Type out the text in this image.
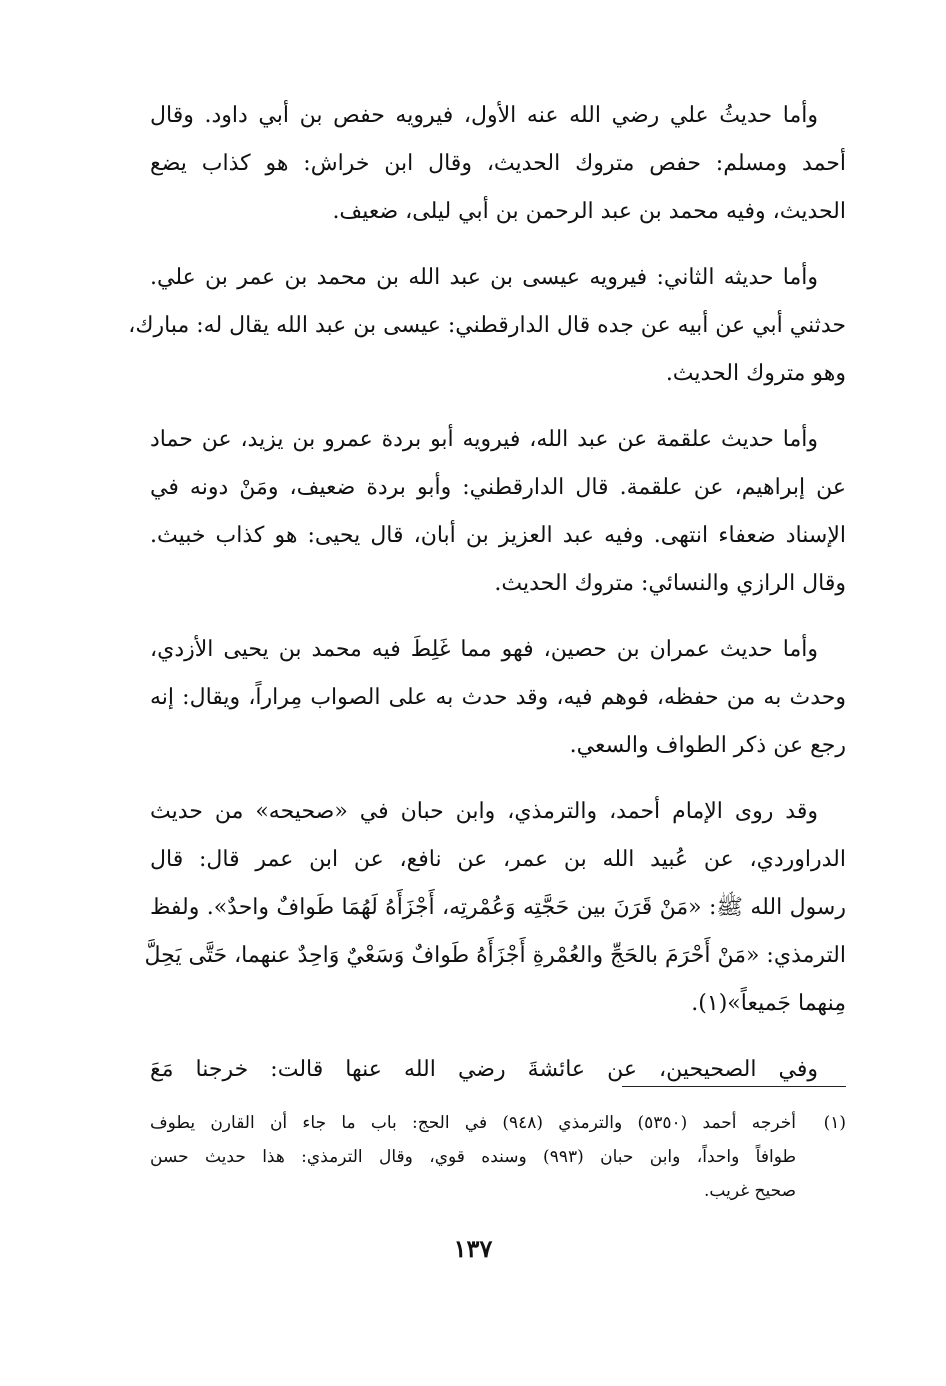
وأما حديثُ علي رضي الله عنه الأول، فيرويه حفص بن أبي داود. وقال
أحمد ومسلم: حفص متروك الحديث، وقال ابن خراش: هو كذاب يضع
الحديث، وفيه محمد بن عبد الرحمن بن أبي ليلى، ضعيف.

وأما حديثه الثاني: فيرويه عيسى بن عبد الله بن محمد بن عمر بن علي.
حدثني أبي عن أبيه عن جده قال الدارقطني: عيسى بن عبد الله يقال له: مبارك،
وهو متروك الحديث.

وأما حديث علقمة عن عبد الله، فيرويه أبو بردة عمرو بن يزيد، عن حماد
عن إبراهيم، عن علقمة. قال الدارقطني: وأبو بردة ضعيف، ومَنْ دونه في
الإسناد ضعفاء انتهى. وفيه عبد العزيز بن أبان، قال يحيى: هو كذاب خبيث.
وقال الرازي والنسائي: متروك الحديث.

وأما حديث عمران بن حصين، فهو مما غَلِطَ فيه محمد بن يحيى الأزدي،
وحدث به من حفظه، فوهم فيه، وقد حدث به على الصواب مِراراً، ويقال: إنه
رجع عن ذكر الطواف والسعي.

وقد روى الإمام أحمد، والترمذي، وابن حبان في «صحيحه» من حديث
الدراوردي، عن عُبيد الله بن عمر، عن نافع، عن ابن عمر قال: قال
رسول الله ﷺ: «مَنْ قَرَنَ بين حَجَّتِه وَعُمْرتِه، أَجْزَأَهُ لَهُمَا طَوافٌ واحدٌ». ولفظ
الترمذي: «مَنْ أَحْرَمَ بالحَجِّ والعُمْرةِ أَجْزَأَهُ طَوافٌ وَسَعْيٌ وَاحِدٌ عنهما، حَتَّى يَحِلَّ
مِنهما جَميعاً»(١).

وفي الصحيحين، عن عائشةَ رضي الله عنها قالت: خرجنا مَعَ

(١)
أخرجه أحمد (٥٣٥٠) والترمذي (٩٤٨) في الحج: باب ما جاء أن القارن يطوف
طوافاً واحداً، وابن حبان (٩٩٣) وسنده قوي، وقال الترمذي: هذا حديث حسن
صحيح غريب.
١٣٧
